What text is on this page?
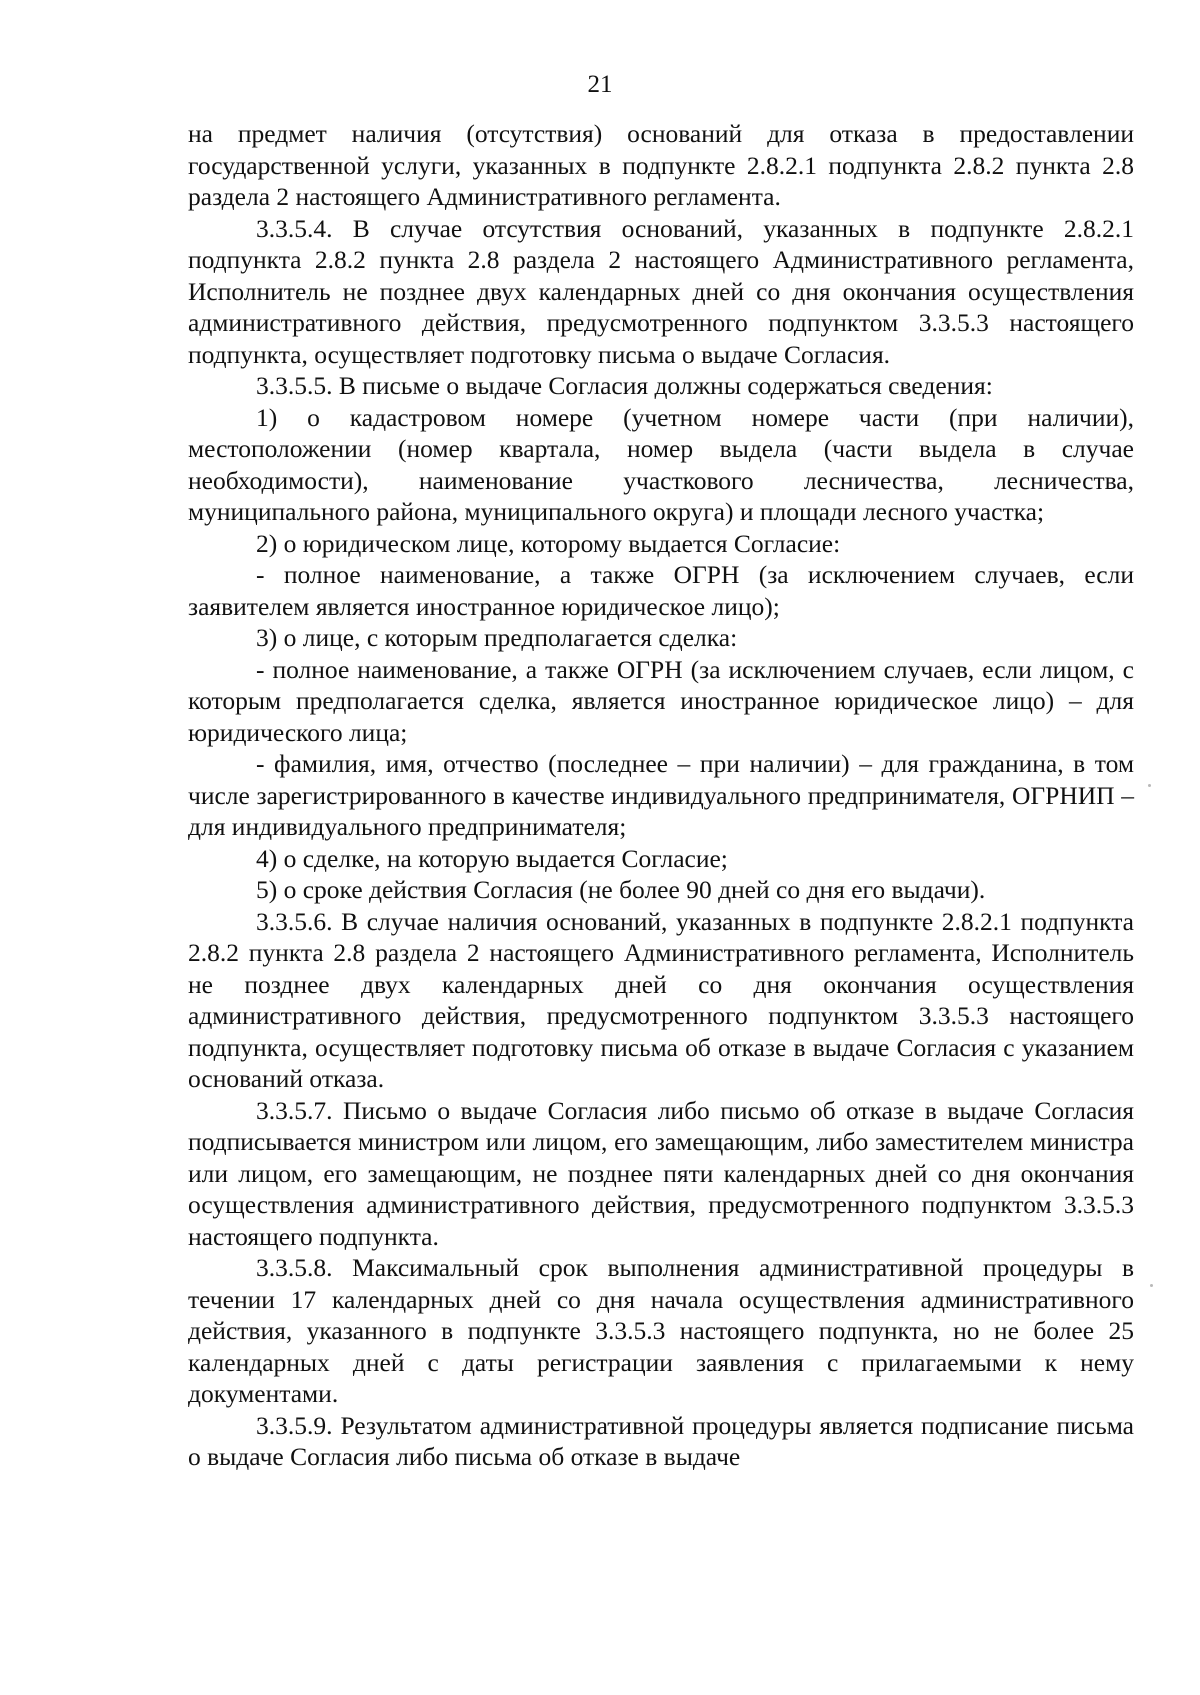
21

на предмет наличия (отсутствия) оснований для отказа в предоставлении государственной услуги, указанных в подпункте 2.8.2.1 подпункта 2.8.2 пункта 2.8 раздела 2 настоящего Административного регламента.

3.3.5.4. В случае отсутствия оснований, указанных в подпункте 2.8.2.1 подпункта 2.8.2 пункта 2.8 раздела 2 настоящего Административного регламента, Исполнитель не позднее двух календарных дней со дня окончания осуществления административного действия, предусмотренного подпунктом 3.3.5.3 настоящего подпункта, осуществляет подготовку письма о выдаче Согласия.

3.3.5.5. В письме о выдаче Согласия должны содержаться сведения:

1) о кадастровом номере (учетном номере части (при наличии), местоположении (номер квартала, номер выдела (части выдела в случае необходимости), наименование участкового лесничества, лесничества, муниципального района, муниципального округа) и площади лесного участка;

2) о юридическом лице, которому выдается Согласие:

- полное наименование, а также ОГРН (за исключением случаев, если заявителем является иностранное юридическое лицо);

3) о лице, с которым предполагается сделка:

- полное наименование, а также ОГРН (за исключением случаев, если лицом, с которым предполагается сделка, является иностранное юридическое лицо) – для юридического лица;

- фамилия, имя, отчество (последнее – при наличии) – для гражданина, в том числе зарегистрированного в качестве индивидуального предпринимателя, ОГРНИП – для индивидуального предпринимателя;

4) о сделке, на которую выдается Согласие;

5) о сроке действия Согласия (не более 90 дней со дня его выдачи).

3.3.5.6. В случае наличия оснований, указанных в подпункте 2.8.2.1 подпункта 2.8.2 пункта 2.8 раздела 2 настоящего Административного регламента, Исполнитель не позднее двух календарных дней со дня окончания осуществления административного действия, предусмотренного подпунктом 3.3.5.3 настоящего подпункта, осуществляет подготовку письма об отказе в выдаче Согласия с указанием оснований отказа.

3.3.5.7. Письмо о выдаче Согласия либо письмо об отказе в выдаче Согласия подписывается министром или лицом, его замещающим, либо заместителем министра или лицом, его замещающим, не позднее пяти календарных дней со дня окончания осуществления административного действия, предусмотренного подпунктом 3.3.5.3 настоящего подпункта.

3.3.5.8. Максимальный срок выполнения административной процедуры в течении 17 календарных дней со дня начала осуществления административного действия, указанного в подпункте 3.3.5.3 настоящего подпункта, но не более 25 календарных дней с даты регистрации заявления с прилагаемыми к нему документами.

3.3.5.9. Результатом административной процедуры является подписание письма о выдаче Согласия либо письма об отказе в выдаче
